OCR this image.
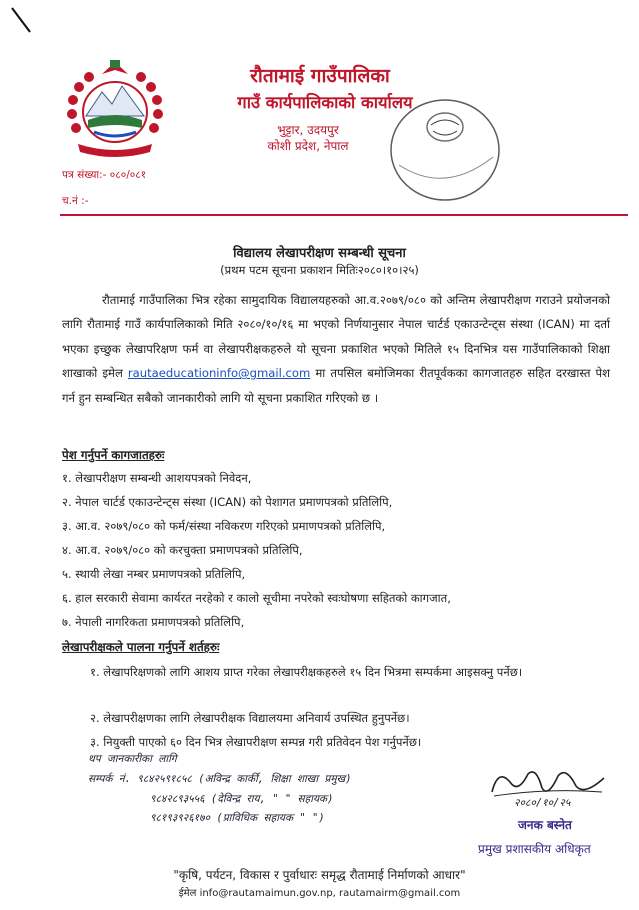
रौतामाई गाउँपालिका
गाउँ कार्यपालिकाको कार्यालय
भुट्टार, उदयपुर
कोशी प्रदेश, नेपाल
पत्र संख्या:- ०८०/०८१
च.नं :-
विद्यालय लेखापरीक्षण सम्बन्धी सूचना
(प्रथम पटम सूचना प्रकाशन मितिः२०८०।१०।२५)
रौतामाई गाउँपालिका भित्र रहेका सामुदायिक विद्यालयहरुको आ.व.२०७९/०८० को अन्तिम लेखापरीक्षण गराउने प्रयोजनको लागि रौतामाई गाउँ कार्यपालिकाको मिति २०८०/१०/१६ मा भएको निर्णयानुसार नेपाल चार्टर्ड एकाउन्टेन्ट्स संस्था (ICAN) मा दर्ता भएका इच्छुक लेखापरिक्षण फर्म वा लेखापरीक्षकहरुले यो सूचना प्रकाशित भएको मितिले १५ दिनभित्र यस गाउँपालिकाको शिक्षा शाखाको इमेल rautaeducationinfo@gmail.com मा तपसिल बमोजिमका रीतपूर्वकका कागजातहरु सहित दरखास्त पेश गर्न हुन सम्बन्धित सबैको जानकारीको लागि यो सूचना प्रकाशित गरिएको छ ।
पेश गर्नुपर्ने कागजातहरुः
१. लेखापरीक्षण सम्बन्धी आशयपत्रको निवेदन,
२. नेपाल चार्टर्ड एकाउन्टेन्ट्स संस्था (ICAN) को पेशागत प्रमाणपत्रको प्रतिलिपि,
३. आ.व. २०७९/०८० को फर्म/संस्था नविकरण गरिएको प्रमाणपत्रको प्रतिलिपि,
४. आ.व. २०७९/०८० को करचुक्ता प्रमाणपत्रको प्रतिलिपि,
५. स्थायी लेखा नम्बर प्रमाणपत्रको प्रतिलिपि,
६. हाल सरकारी सेवामा कार्यरत नरहेको र कालो सूचीमा नपरेको स्वःघोषणा सहितको कागजात,
७. नेपाली नागरिकता प्रमाणपत्रको प्रतिलिपि,
लेखापरीक्षकले पालना गर्नुपर्ने शर्तहरुः
१. लेखापरिक्षणको लागि आशय प्राप्त गरेका लेखापरीक्षकहरुले १५ दिन भित्रमा सम्पर्कमा आइसक्नु पर्नेछ।
२. लेखापरीक्षणका लागि लेखापरीक्षक विद्यालयमा अनिवार्य उपस्थित हुनुपर्नेछ।
३. नियुक्ती पाएको ६० दिन भित्र लेखापरीक्षण सम्पन्न गरी प्रतिवेदन पेश गर्नुपर्नेछ।
थप जानकारीका लागि
सम्पर्क नं. ९८४२५९१८५८ (अविन्द्र कार्की, शिक्षा शाखा प्रमुख)
९८४२८९३५५६ (देविन्द्र राय, " " सहायक)
९८१९३९२६१७० (प्राविधिक सहायक " ")
२०८०/१०/२५
जनक बस्नेत
प्रमुख प्रशासकीय अधिकृत
"कृषि, पर्यटन, विकास र पुर्वाधारः समृद्ध रौतामाई निर्माणको आधार"
ईमेल info@rautamaimun.gov.np, rautamairm@gmail.com
